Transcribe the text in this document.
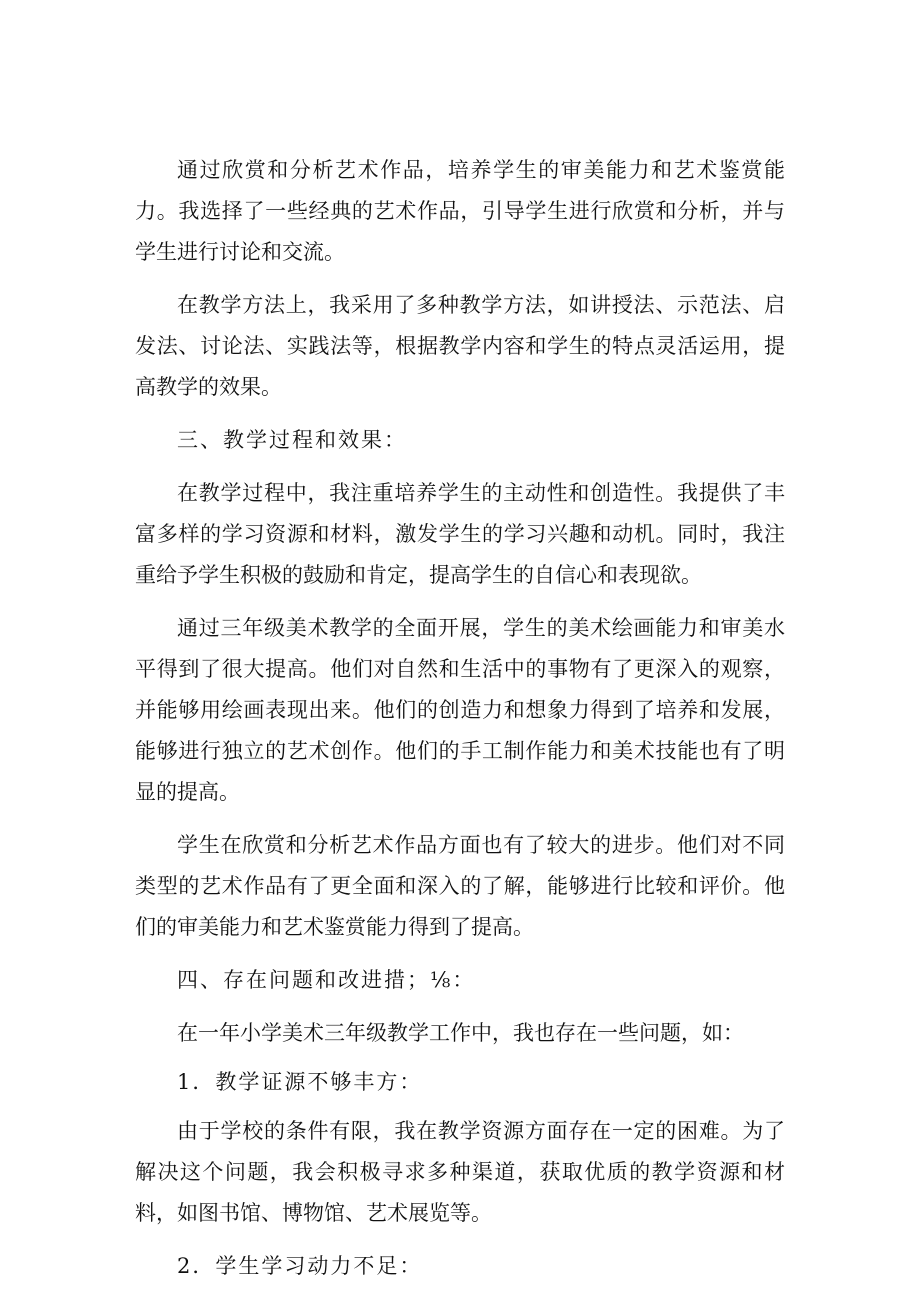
通过欣赏和分析艺术作品，培养学生的审美能力和艺术鉴赏能力。我选择了一些经典的艺术作品，引导学生进行欣赏和分析，并与学生进行讨论和交流。

在教学方法上，我采用了多种教学方法，如讲授法、示范法、启发法、讨论法、实践法等，根据教学内容和学生的特点灵活运用，提高教学的效果。

三、教学过程和效果：

在教学过程中，我注重培养学生的主动性和创造性。我提供了丰富多样的学习资源和材料，激发学生的学习兴趣和动机。同时，我注重给予学生积极的鼓励和肯定，提高学生的自信心和表现欲。

通过三年级美术教学的全面开展，学生的美术绘画能力和审美水平得到了很大提高。他们对自然和生活中的事物有了更深入的观察，并能够用绘画表现出来。他们的创造力和想象力得到了培养和发展，能够进行独立的艺术创作。他们的手工制作能力和美术技能也有了明显的提高。

学生在欣赏和分析艺术作品方面也有了较大的进步。他们对不同类型的艺术作品有了更全面和深入的了解，能够进行比较和评价。他们的审美能力和艺术鉴赏能力得到了提高。

四、存在问题和改进措；⅛：

在一年小学美术三年级教学工作中，我也存在一些问题，如：

1．教学证源不够丰方：

由于学校的条件有限，我在教学资源方面存在一定的困难。为了解决这个问题，我会积极寻求多种渠道，获取优质的教学资源和材料，如图书馆、博物馆、艺术展览等。

2．学生学习动力不足：
